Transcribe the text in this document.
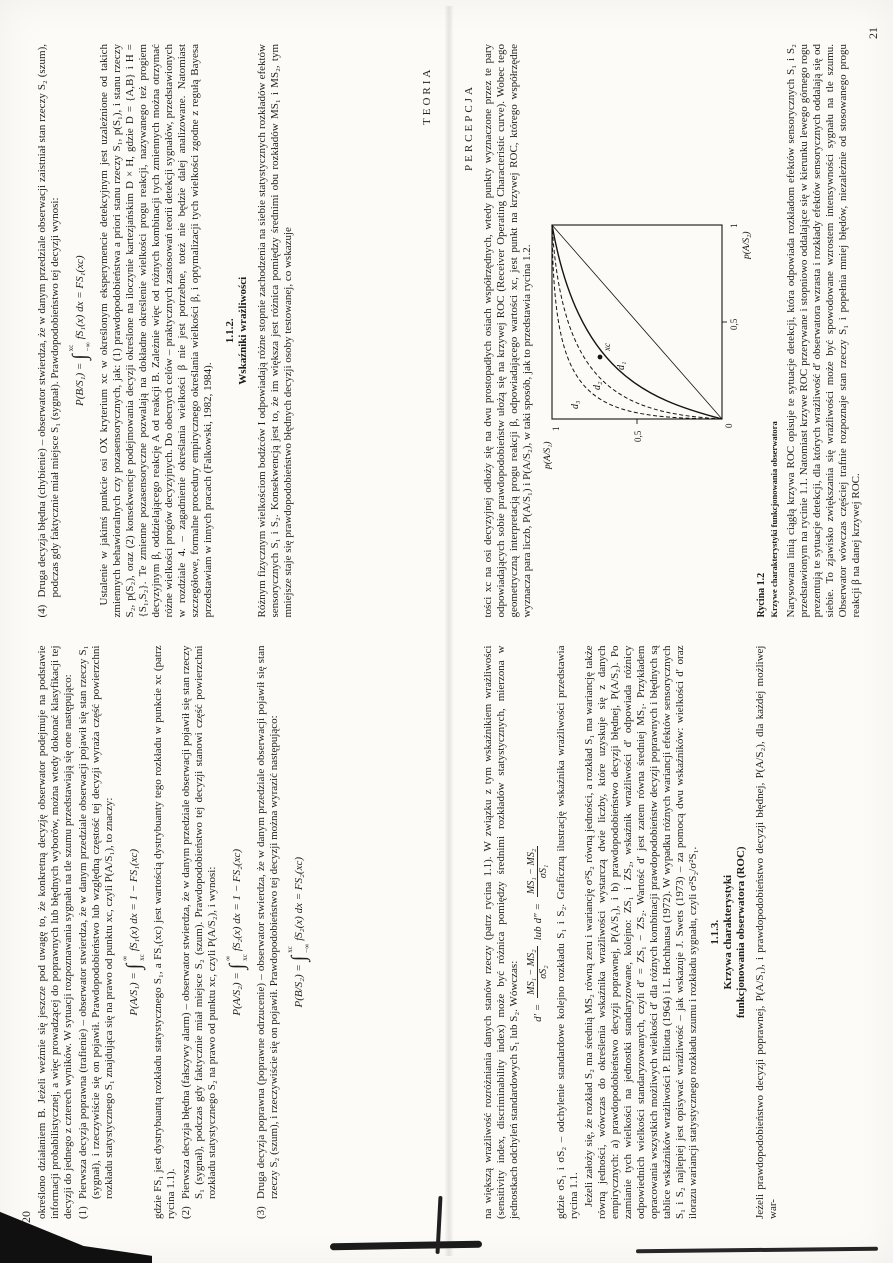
20
TEORIA

określono działaniem B. Jeżeli weźmie się jeszcze pod uwagę to, że konkretną decyzję obserwator podejmuje na podstawie informacji probabilistycznej, a więc prowadzącej do poprawnych lub błędnych wyborów, można wtedy dokonać klasyfikacji tej decyzji do jednego z czterech wyników. W sytuacji rozpoznawania sygnału na tle szumu przedstawiają się one następująco: (1)
Pierwsza decyzja poprawna (trafienie) – obserwator stwierdza, że w danym przedziale obserwacji pojawił się stan rzeczy S₁ (sygnał), i rzeczywiście się on pojawił. Prawdopodobieństwo lub względną częstość tej decyzji wyraża część powierzchni rozkładu statystycznego S₁ znajdująca się na prawo od punktu xc, czyli P(A/S₁), to znaczy: P(A/S₁) =
∫
∞ xc
fS₁(x) dx = 1 − FS₁(xc) gdzie FS₁ jest dystrybuantą rozkładu statystycznego S₁, a FS₁(xc) jest wartością dystrybuanty tego rozkładu w punkcie xc (patrz rycina 1.1). (2)
Pierwsza decyzja błędna (fałszywy alarm) – obserwator stwierdza, że w danym przedziale obserwacji pojawił się stan rzeczy S₁ (sygnał), podczas gdy faktycznie miał miejsce S₂ (szum). Prawdopodobieństwo tej decyzji stanowi część powierzchni rozkładu statystycznego S₂ na prawo od punktu xc, czyli P(A/S₂), i wynosi: P(A/S₂) =
∫
∞ xc
fS₂(x) dx = 1 − FS₂(xc)
(3)
Druga decyzja poprawna (poprawne odrzucenie) – obserwator stwierdza, że w danym przedziale obserwacji pojawił się stan rzeczy S₂ (szum), i rzeczywiście się on pojawił. Prawdopodobieństwo tej decyzji można wyrazić następująco: P(B/S₂) =
∫
xc −∞
fS₂(x) dx = FS₂(xc)
(4)
Druga decyzja błędna (chybienie) – obserwator stwierdza, że w danym przedziale obserwacji zaistniał stan rzeczy S₂ (szum), podczas gdy faktycznie miał miejsce S₁ (sygnał). Prawdopodobieństwo tej decyzji wynosi: P(B/S₁) =
∫
xc −∞
fS₁(x) dx = FS₁(xc) Ustalenie w jakimś punkcie osi OX kryterium xc w określonym eksperymencie detekcyjnym jest uzależnione od takich zmiennych behawioralnych czy pozasensorycznych, jak: (1) prawdopodobieństwa a priori stanu rzeczy S₁, p(S₁), i stanu rzeczy S₂, p(S₂), oraz (2) konsekwencje podejmowania decyzji określone na iloczynie kartezjańskim D × H, gdzie D = {A,B} i H = {S₁,S₂}. Te zmienne pozasensoryczne pozwalają na dokładne określenie wielkości progu reakcji, nazywanego też progiem decyzyjnym β, oddzielającego reakcję A od reakcji B. Zależnie więc od różnych kombinacji tych zmiennych można otrzymać różne wielkości progów decyzyjnych. Do obecnych celów – praktycznych zastosowań teorii detekcji sygnałów, przedstawionych w rozdziale 4. – zagadnienie określania wielkości β nie jest potrzebne, toteż nie będzie dalej analizowane. Natomiast szczegółowe, formalne procedury empirycznego określania wielkości β, i optymalizacji tych wielkości zgodne z regułą Bayesa przedstawiam w innych pracach (Falkowski, 1982, 1984).

1.1.2. Wskaźniki wrażliwości Różnym fizycznym wielkościom bodźców I odpowiadają różne stopnie zachodzenia na siebie statystycznych rozkładów efektów sensorycznych S₁ i S₂. Konsekwencją jest to, że im większa jest różnica pomiędzy średnimi obu rozkładów MS₁ i MS₂, tym mniejsze staje się prawdopodobieństwo błędnych decyzji osoby testowanej, co wskazuje

21
PERCEPCJA

na większą wrażliwość rozróżniania danych stanów rzeczy (patrz rycina 1.1). W związku z tym wskaźnikiem wrażliwości (sensitivity index, discriminability index) może być różnica pomiędzy średnimi rozkładów statystycznych, mierzona w jednostkach odchyleń standardowych S₁ lub S₂. Wówczas: d′ =
MS₁ − MS₂ σS₂
lub
d″ =
MS₁ − MS₂ σS₁ gdzie σS₁ i σS₂ – odchylenie standardowe kolejno rozkładu S₁ i S₂. Graficzną ilustrację wskaźnika wrażliwości przedstawia rycina 1.1. Jeżeli założy się, że rozkład S₂ ma średnią MS₂ równą zeru i wariancję σ²S₂ równą jedności, a rozkład S₁ ma wariancję także równą jedności, wówczas do określenia wskaźnika wrażliwości wystarczą dwie liczby, które uzyskuje się z danych empirycznych: a) prawdopodobieństwo decyzji poprawnej, P(A/S₁), i b) prawdopodobieństwo decyzji błędnej, P(A/S₂). Po zamianie tych wielkości na jednostki standaryzowane, kolejno: ZS₁ i ZS₂, wskaźnik wrażliwości d′ odpowiada różnicy odpowiednich wielkości standaryzowanych, czyli d′ = ZS₁ − ZS₂. Wartość d′ jest zatem równa średniej MS₁. Przykładem opracowania wszystkich możliwych wielkości d′ dla różnych kombinacji prawdopodobieństw decyzji poprawnych i błędnych są tablice wskaźników wrażliwości P. Elliotta (1964) i L. Hochhausa (1972). W wypadku różnych wariancji efektów sensorycznych S₁ i S₂ najlepiej jest opisywać wrażliwość – jak wskazuje J. Swets (1973) – za pomocą dwu wskaźników: wielkości d′ oraz ilorazu wariancji statystycznego rozkładu szumu i rozkładu sygnału, czyli σ²S₂/σ²S₁. 1.1.3. Krzywa charakterystyki funkcjonowania obserwatora (ROC) Jeżeli prawdopodobieństwo decyzji poprawnej, P(A/S₁), i prawdopodobieństwo decyzji błędnej, P(A/S₂), dla każdej możliwej war-

tości xc na osi decyzyjnej odłoży się na dwu prostopadłych osiach współrzędnych, wtedy punkty wyznaczone przez te pary odpowiadających sobie prawdopodobieństw ułożą się na krzywej ROC (Receiver Operating Characteristic curve). Wobec tego geometryczną interpretacją progu reakcji β, odpowiadającego wartości xc, jest punkt na krzywej ROC, którego współrzędne wyznacza para liczb, P(A/S₁) i P(A/S₂), w taki sposób, jak to przedstawia rycina 1.2.	d₃
d₂
d₁
xc
1
0,5
0
0,5
1
p(A/S₁)
p(A/S₂)
Rycina 1.2 Krzywe charakterystyki funkcjonowania obserwatora Narysowana linią ciągłą krzywa ROC opisuje te sytuacje detekcji, która odpowiada rozkładom efektów sensorycznych S₁ i S₂ przedstawionym na rycinie 1.1. Natomiast krzywe ROC przerywane i stopniowo oddalające się w kierunku lewego górnego rogu prezentują te sytuacje detekcji, dla których wrażliwość d′ obserwatora wzrasta i rozkłady efektów sensorycznych oddalają się od siebie. To zjawisko zwiększania się wrażliwości może być spowodowane wzrostem intensywności sygnału na tle szumu. Obserwator wówczas częściej trafnie rozpoznaje stan rzeczy S₁ i popełnia mniej błędów, niezależnie od stosowanego progu reakcji β na danej krzywej ROC.
